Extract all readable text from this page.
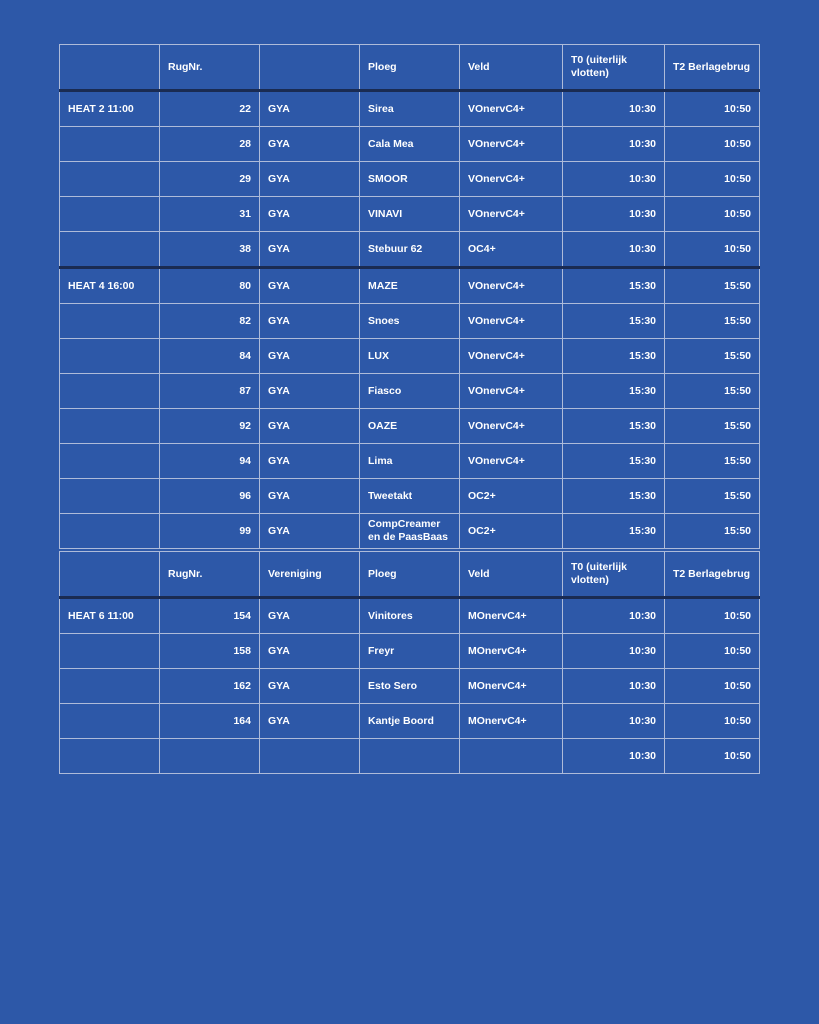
	RugNr.		Ploeg	Veld	T0 (uiterlijk vlotten)	T2 Berlagebrug
HEAT 2 11:00	22	GYA	Sirea	VOnervC4+	10:30	10:50
	28	GYA	Cala Mea	VOnervC4+	10:30	10:50
	29	GYA	SMOOR	VOnervC4+	10:30	10:50
	31	GYA	VINAVI	VOnervC4+	10:30	10:50
	38	GYA	Stebuur 62	OC4+	10:30	10:50
HEAT 4 16:00	80	GYA	MAZE	VOnervC4+	15:30	15:50
	82	GYA	Snoes	VOnervC4+	15:30	15:50
	84	GYA	LUX	VOnervC4+	15:30	15:50
	87	GYA	Fiasco	VOnervC4+	15:30	15:50
	92	GYA	OAZE	VOnervC4+	15:30	15:50
	94	GYA	Lima	VOnervC4+	15:30	15:50
	96	GYA	Tweetakt	OC2+	15:30	15:50
	99	GYA	CompCreamer en de PaasBaas	OC2+	15:30	15:50
	RugNr.	Vereniging	Ploeg	Veld	T0 (uiterlijk vlotten)	T2 Berlagebrug
HEAT 6 11:00	154	GYA	Vinitores	MOnervC4+	10:30	10:50
	158	GYA	Freyr	MOnervC4+	10:30	10:50
	162	GYA	Esto Sero	MOnervC4+	10:30	10:50
	164	GYA	Kantje Boord	MOnervC4+	10:30	10:50
					10:30	10:50
